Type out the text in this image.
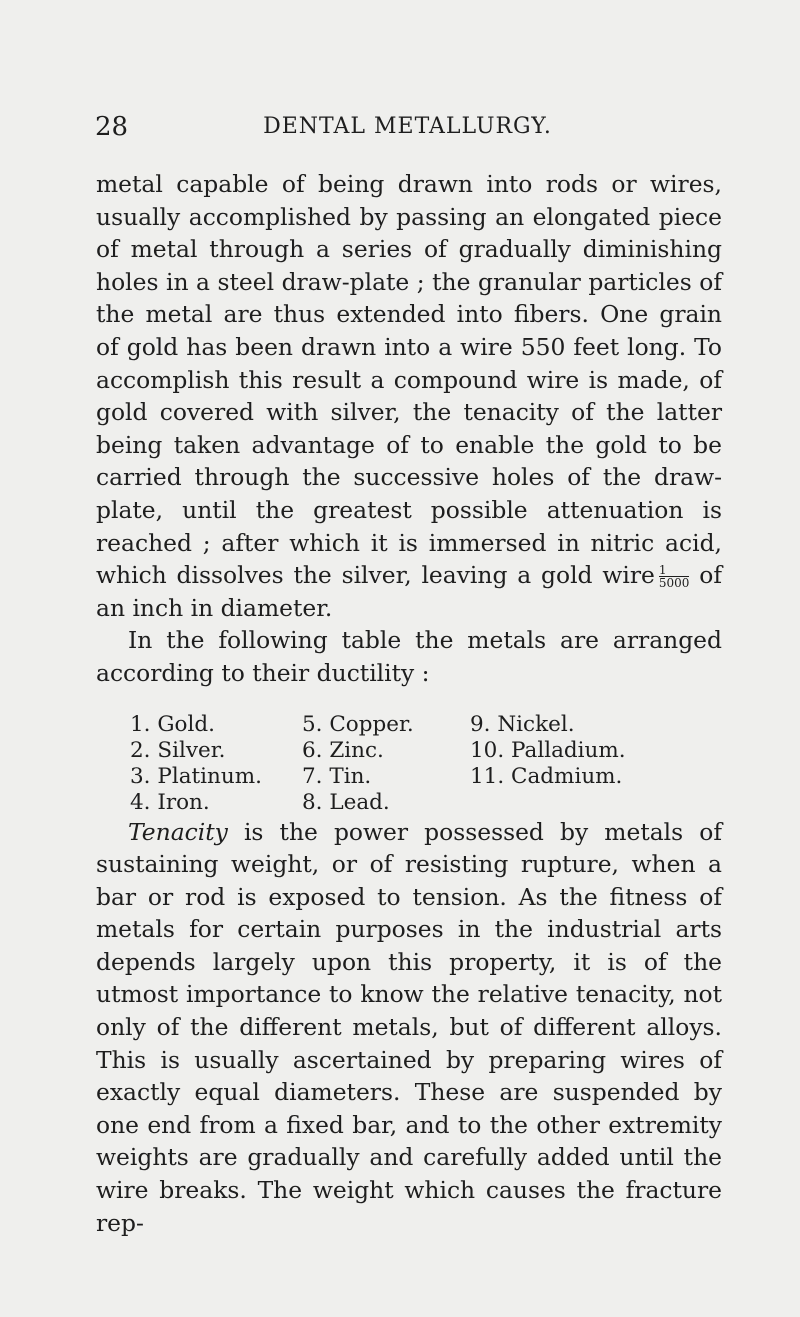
28	DENTAL METALLURGY.

metal capable of being drawn into rods or wires, usually accomplished by passing an elongated piece of metal through a series of gradually diminishing holes in a steel draw-plate ; the granular particles of the metal are thus extended into fibers. One grain of gold has been drawn into a wire 550 feet long. To accomplish this result a compound wire is made, of gold covered with silver, the tenacity of the latter being taken advantage of to enable the gold to be carried through the successive holes of the draw-plate, until the greatest possible attenuation is reached ; after which it is immersed in nitric acid, which dissolves the silver, leaving a gold wire $\frac{1}{5000}$ of an inch in diameter.

In the following table the metals are arranged according to their ductility :

1. Gold.	5. Copper.	9. Nickel.
2. Silver.	6. Zinc.	10. Palladium.
3. Platinum.	7. Tin.	11. Cadmium.
4. Iron.	8. Lead.

Tenacity is the power possessed by metals of sustaining weight, or of resisting rupture, when a bar or rod is exposed to tension. As the fitness of metals for certain purposes in the industrial arts depends largely upon this property, it is of the utmost importance to know the relative tenacity, not only of the different metals, but of different alloys. This is usually ascertained by preparing wires of exactly equal diameters. These are suspended by one end from a fixed bar, and to the other extremity weights are gradually and carefully added until the wire breaks. The weight which causes the fracture rep-
